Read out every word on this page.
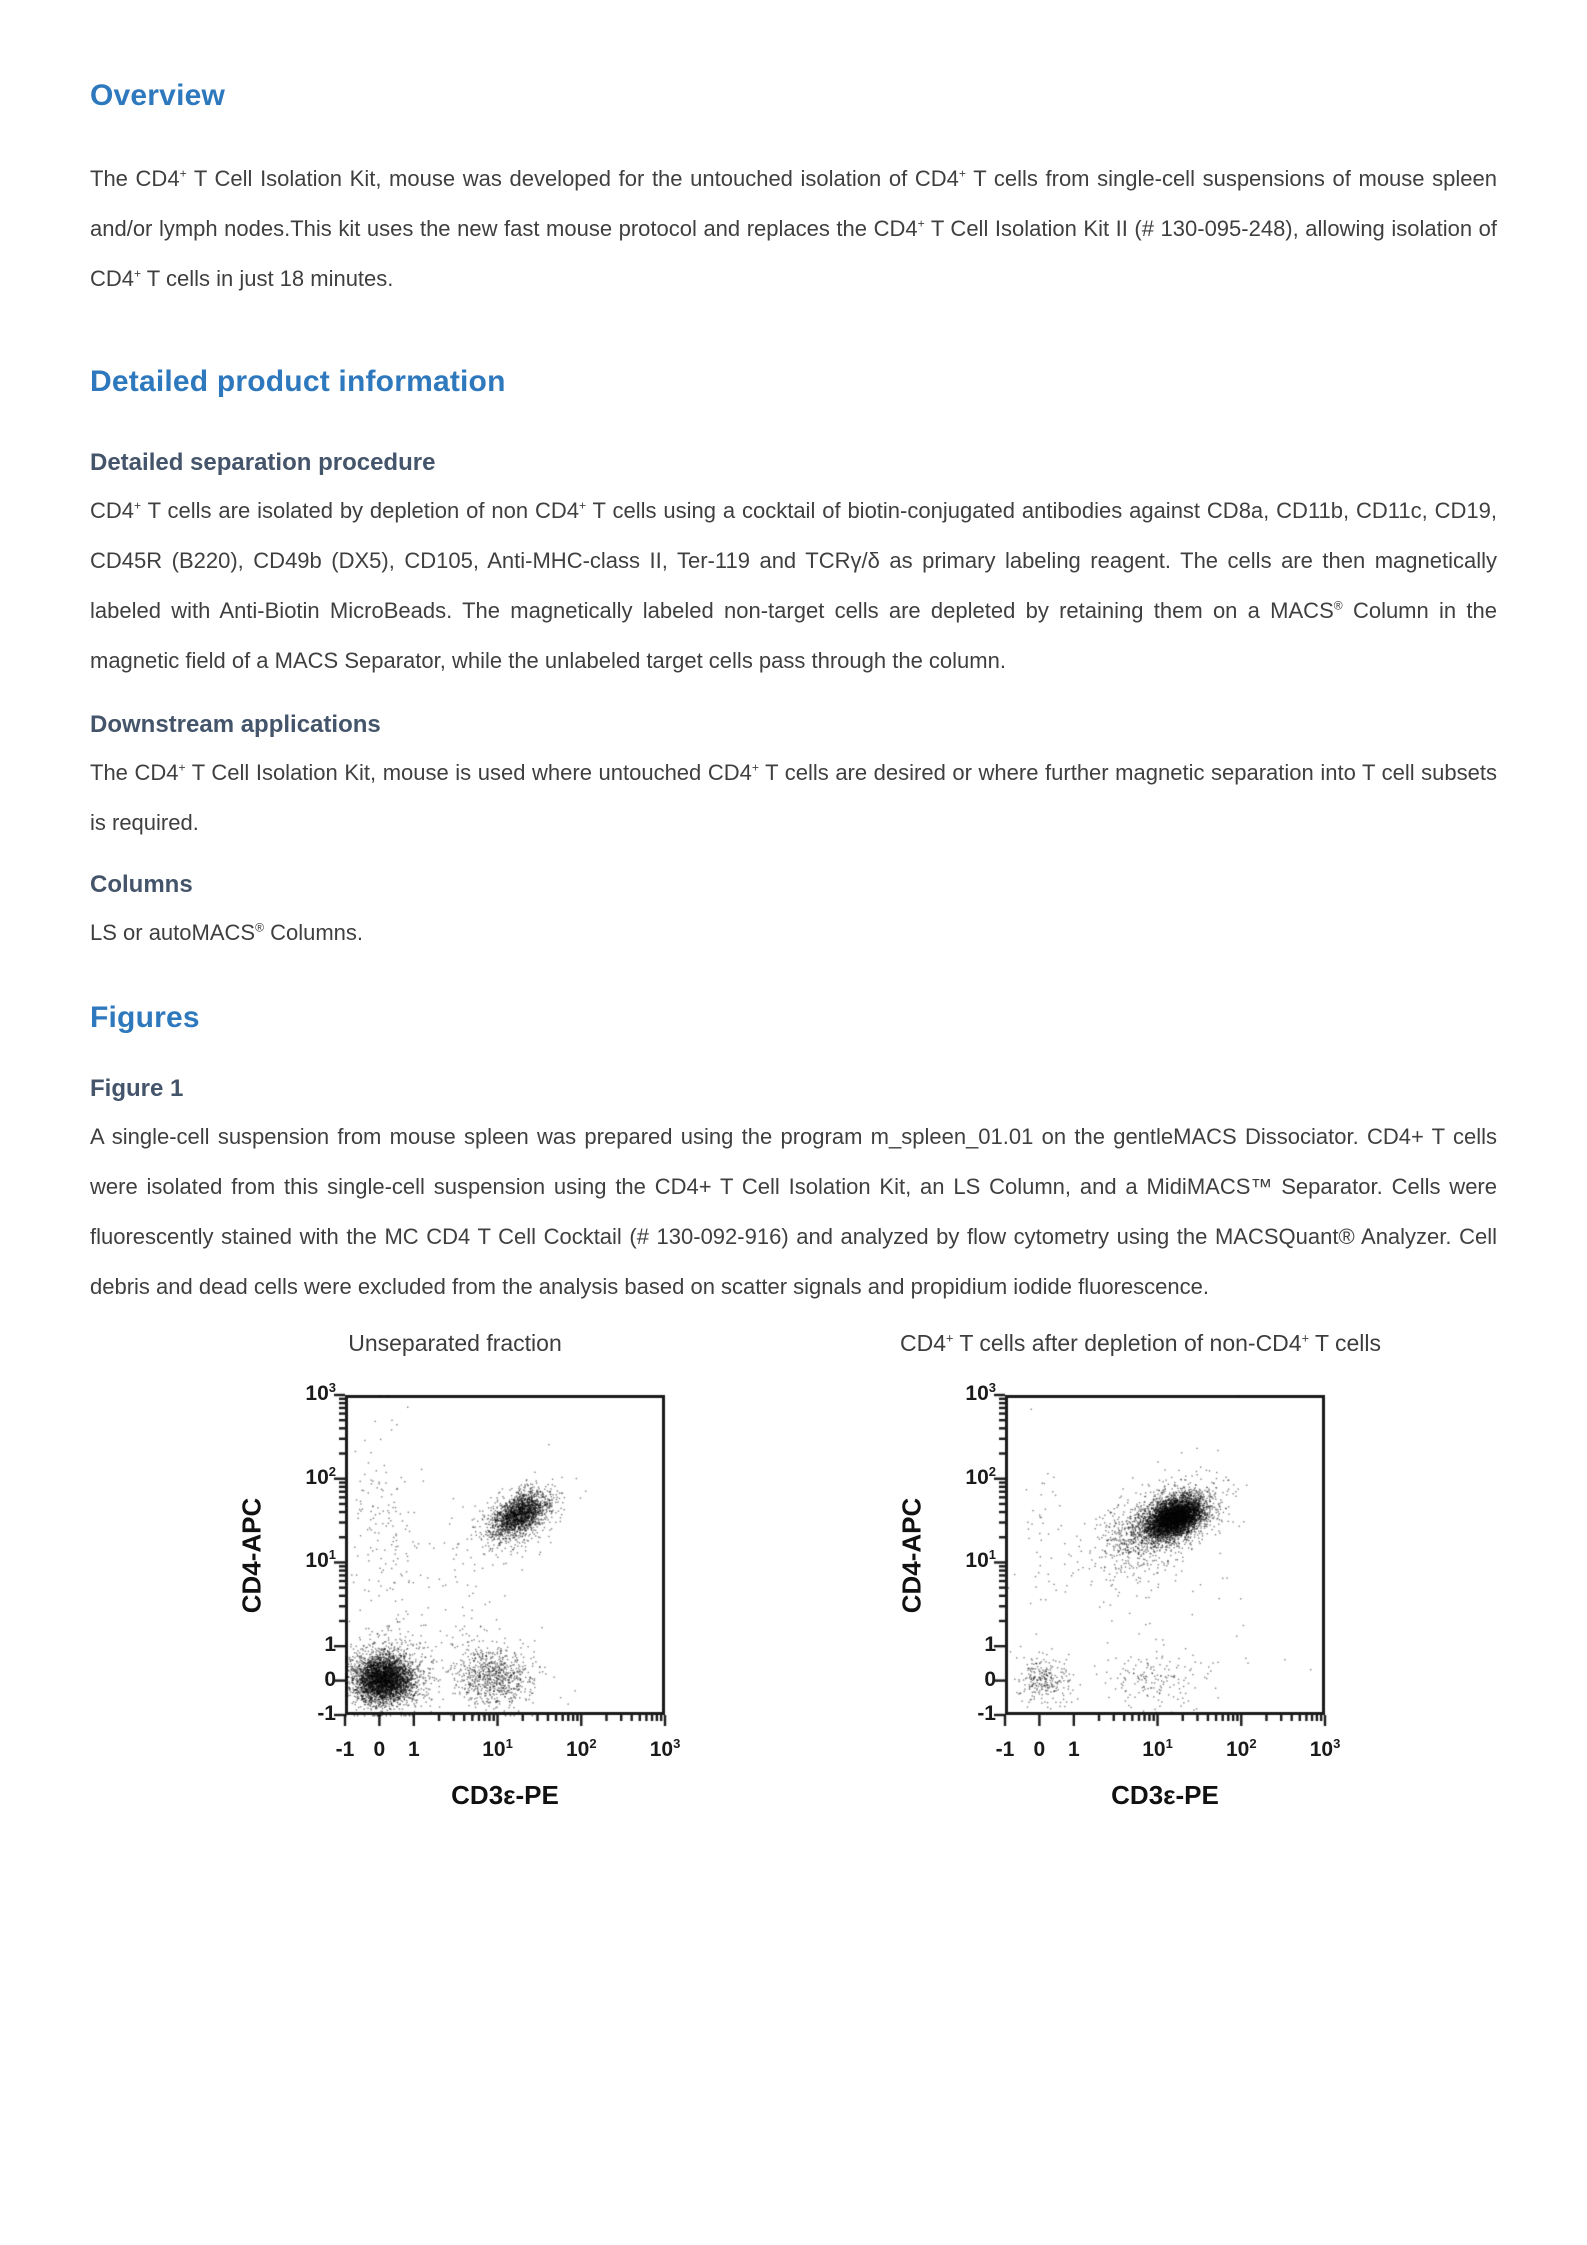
Overview

The CD4+ T Cell Isolation Kit, mouse was developed for the untouched isolation of CD4+ T cells from single-cell suspensions of mouse spleen and/or lymph nodes.This kit uses the new fast mouse protocol and replaces the CD4+ T Cell Isolation Kit II (# 130-095-248), allowing isolation of CD4+ T cells in just 18 minutes.

Detailed product information
Detailed separation procedure

CD4+ T cells are isolated by depletion of non CD4+ T cells using a cocktail of biotin-conjugated antibodies against CD8a, CD11b, CD11c, CD19, CD45R (B220), CD49b (DX5), CD105, Anti-MHC-class II, Ter-119 and TCRγ/δ as primary labeling reagent. The cells are then magnetically labeled with Anti-Biotin MicroBeads. The magnetically labeled non-target cells are depleted by retaining them on a MACS® Column in the magnetic field of a MACS Separator, while the unlabeled target cells pass through the column.

Downstream applications

The CD4+ T Cell Isolation Kit, mouse is used where untouched CD4+ T cells are desired or where further magnetic separation into T cell subsets is required.

Columns

LS or autoMACS® Columns.

Figures
Figure 1

A single-cell suspension from mouse spleen was prepared using the program m_spleen_01.01 on the gentleMACS Dissociator. CD4+ T cells were isolated from this single-cell suspension using the CD4+ T Cell Isolation Kit, an LS Column, and a MidiMACS™ Separator. Cells were fluorescently stained with the MC CD4 T Cell Cocktail (# 130-092-916) and analyzed by flow cytometry using the MACSQuant® Analyzer. Cell debris and dead cells were excluded from the analysis based on scatter signals and propidium iodide fluorescence.

Unseparated fraction
CD4-APC
-1
-1
0
0
1
1
$10^1$
$10^1$
$10^2$
$10^2$
$10^3$
$10^3$
CD3ε-PE
CD4+ T cells after depletion of non-CD4+ T cells
CD4-APC
-1
-1
0
0
1
1
$10^1$
$10^1$
$10^2$
$10^2$
$10^3$
$10^3$
CD3ε-PE
